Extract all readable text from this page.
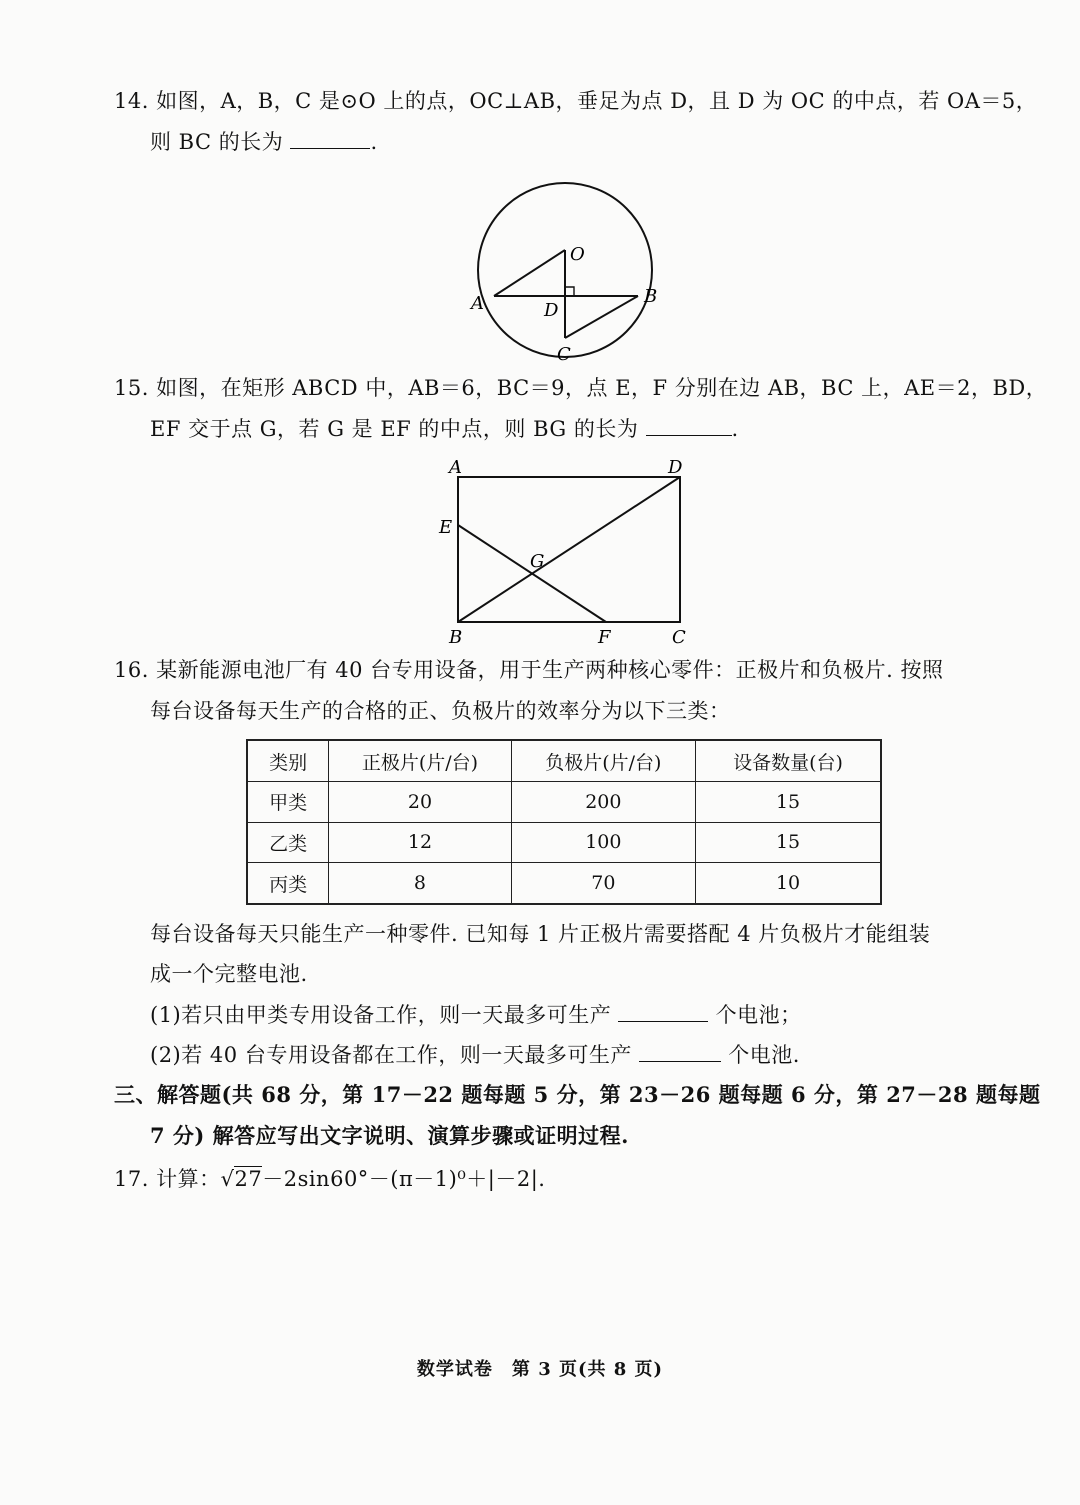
14. 如图，A，B，C 是⊙O 上的点，OC⊥AB，垂足为点 D，且 D 为 OC 的中点，若 OA＝5，
则 BC 的长为	.
O
A	B
D
C
15. 如图，在矩形 ABCD 中，AB＝6，BC＝9，点 E，F 分别在边 AB，BC 上，AE＝2，BD，
EF 交于点 G，若 G 是 EF 的中点，则 BG 的长为	.
A	D
E
G
B	F	C
16. 某新能源电池厂有 40 台专用设备，用于生产两种核心零件：正极片和负极片. 按照
每台设备每天生产的合格的正、负极片的效率分为以下三类：
类别	正极片(片/台)	负极片(片/台)	设备数量(台)
甲类	20	200	15
乙类	12	100	15
丙类	8	70	10
每台设备每天只能生产一种零件. 已知每 1 片正极片需要搭配 4 片负极片才能组装
成一个完整电池.
(1)若只由甲类专用设备工作，则一天最多可生产	个电池；
(2)若 40 台专用设备都在工作，则一天最多可生产	个电池.
三、解答题(共 68 分，第 17－22 题每题 5 分，第 23－26 题每题 6 分，第 27－28 题每题
7 分) 解答应写出文字说明、演算步骤或证明过程.
17. 计算：√27－2sin60°－(π－1)⁰＋|－2|.
数学试卷　第 3 页(共 8 页)
